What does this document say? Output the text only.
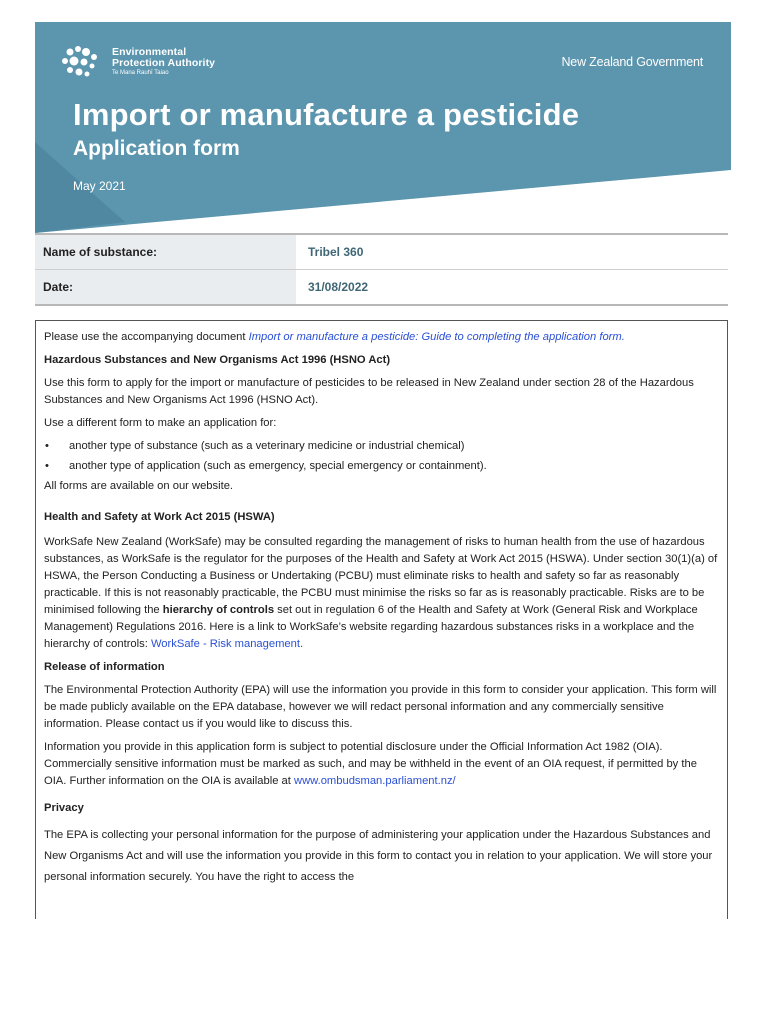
Environmental
Protection Authority
Te Mana Rauhī Taiao
New Zealand Government
Import or manufacture a pesticide
Application form
May 2021
Name of substance:	Tribel 360
Date:	31/08/2022

Please use the accompanying document Import or manufacture a pesticide: Guide to completing the application form.

Hazardous Substances and New Organisms Act 1996 (HSNO Act)

Use this form to apply for the import or manufacture of pesticides to be released in New Zealand under section 28 of the Hazardous Substances and New Organisms Act 1996 (HSNO Act).

Use a different form to make an application for:

• another type of substance (such as a veterinary medicine or industrial chemical)
• another type of application (such as emergency, special emergency or containment).

All forms are available on our website.

Health and Safety at Work Act 2015 (HSWA)

WorkSafe New Zealand (WorkSafe) may be consulted regarding the management of risks to human health from the use of hazardous substances, as WorkSafe is the regulator for the purposes of the Health and Safety at Work Act 2015 (HSWA). Under section 30(1)(a) of HSWA, the Person Conducting a Business or Undertaking (PCBU) must eliminate risks to health and safety so far as reasonably practicable. If this is not reasonably practicable, the PCBU must minimise the risks so far as is reasonably practicable. Risks are to be minimised following the hierarchy of controls set out in regulation 6 of the Health and Safety at Work (General Risk and Workplace Management) Regulations 2016. Here is a link to WorkSafe’s website regarding hazardous substances risks in a workplace and the hierarchy of controls: WorkSafe - Risk management.

Release of information

The Environmental Protection Authority (EPA) will use the information you provide in this form to consider your application. This form will be made publicly available on the EPA database, however we will redact personal information and any commercially sensitive information. Please contact us if you would like to discuss this.

Information you provide in this application form is subject to potential disclosure under the Official Information Act 1982 (OIA). Commercially sensitive information must be marked as such, and may be withheld in the event of an OIA request, if permitted by the OIA. Further information on the OIA is available at www.ombudsman.parliament.nz/

Privacy

The EPA is collecting your personal information for the purpose of administering your application under the Hazardous Substances and New Organisms Act and will use the information you provide in this form to contact you in relation to your application. We will store your personal information securely. You have the right to access the
